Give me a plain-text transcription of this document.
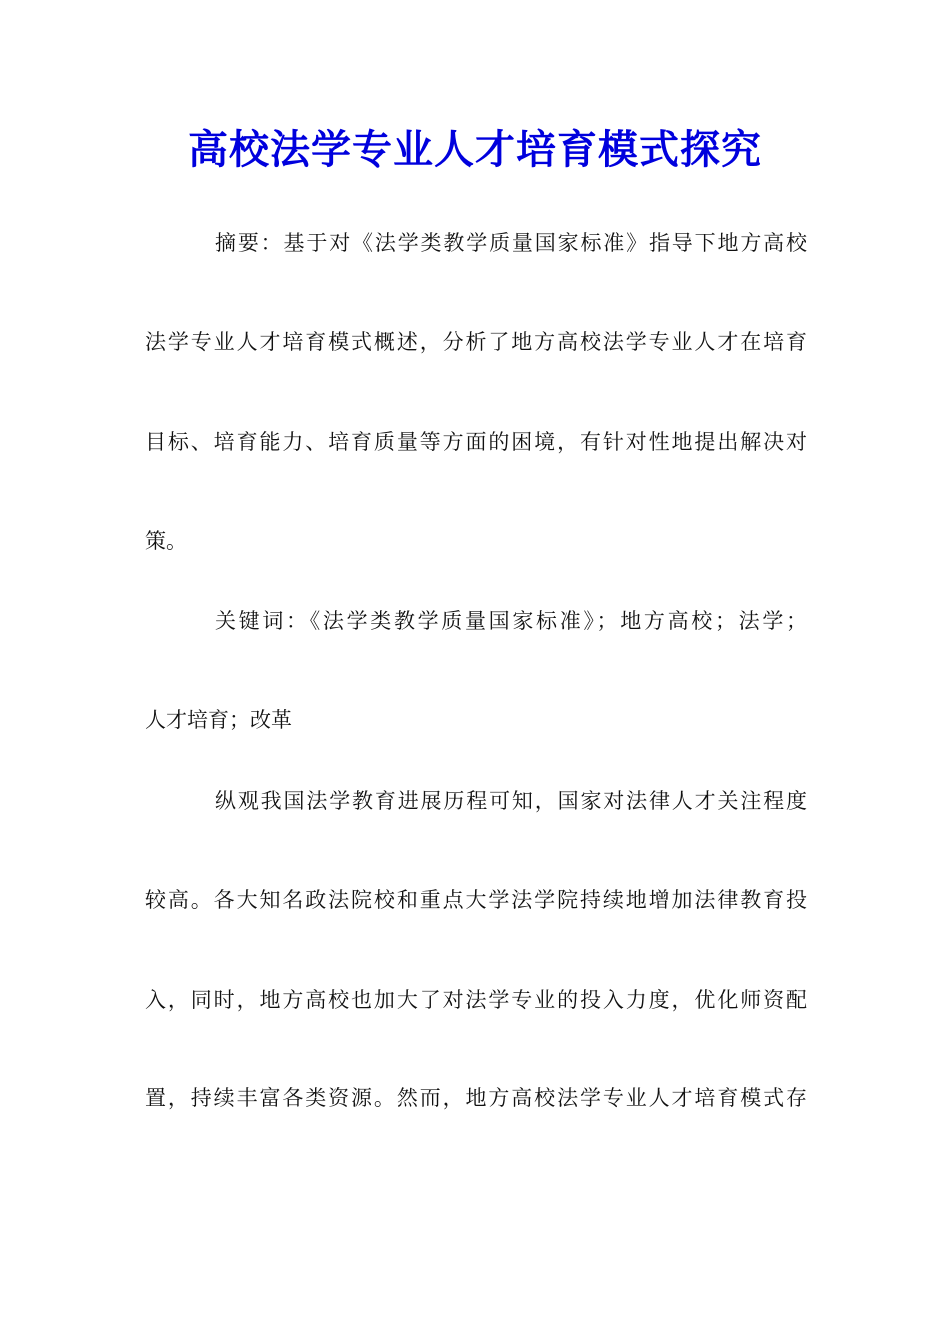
高校法学专业人才培育模式探究

摘要：基于对《法学类教学质量国家标准》指导下地方高校

法学专业人才培育模式概述，分析了地方高校法学专业人才在培育

目标、培育能力、培育质量等方面的困境，有针对性地提出解决对

策。

关键词：《法学类教学质量国家标准》；地方高校；法学；

人才培育；改革

纵观我国法学教育进展历程可知，国家对法律人才关注程度

较高。各大知名政法院校和重点大学法学院持续地增加法律教育投

入，同时，地方高校也加大了对法学专业的投入力度，优化师资配

置，持续丰富各类资源。然而，地方高校法学专业人才培育模式存
